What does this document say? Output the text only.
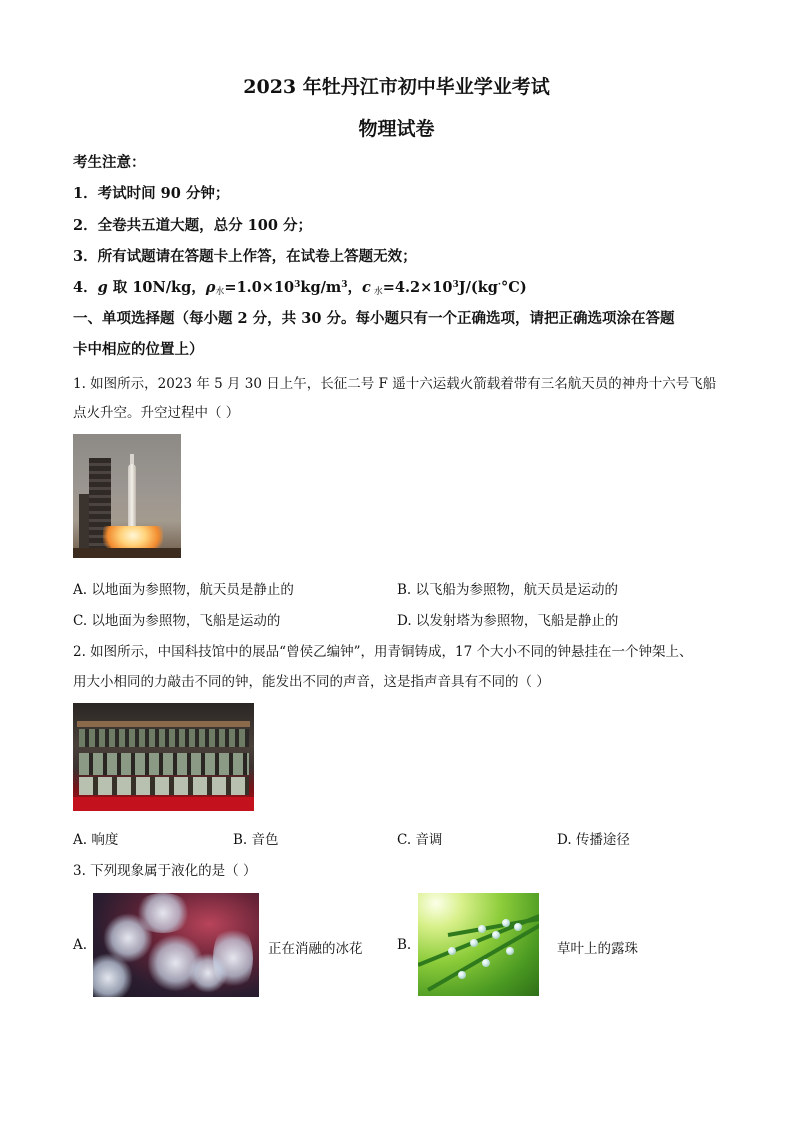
2023 年牡丹江市初中毕业学业考试
物理试卷
考生注意：
1．考试时间 90 分钟；
2．全卷共五道大题，总分 100 分；
3．所有试题请在答题卡上作答，在试卷上答题无效；
4．g 取 10N/kg，$\rho_水=1.0\times 10^3kg/m^3$，c $_水=4.2\times 10^3J/(kg^\cdot^\circ C)$
一、单项选择题（每小题 2 分，共 30 分。每小题只有一个正确选项，请把正确选项涂在答题
卡中相应的位置上）
1. 如图所示，2023 年 5 月 30 日上午，长征二号 F 遥十六运载火箭载着带有三名航天员的神舟十六号飞船
点火升空。升空过程中（ ）
A. 以地面为参照物，航天员是静止的	B. 以飞船为参照物，航天员是运动的
C. 以地面为参照物，飞船是运动的	D. 以发射塔为参照物，飞船是静止的
2. 如图所示，中国科技馆中的展品“曾侯乙编钟”，用青铜铸成，17 个大小不同的钟悬挂在一个钟架上、
用大小相同的力敲击不同的钟，能发出不同的声音，这是指声音具有不同的（ ）
A. 响度	B. 音色	C. 音调	D. 传播途径
3. 下列现象属于液化的是（ ）
A.	正在消融的冰花	B.	草叶上的露珠
